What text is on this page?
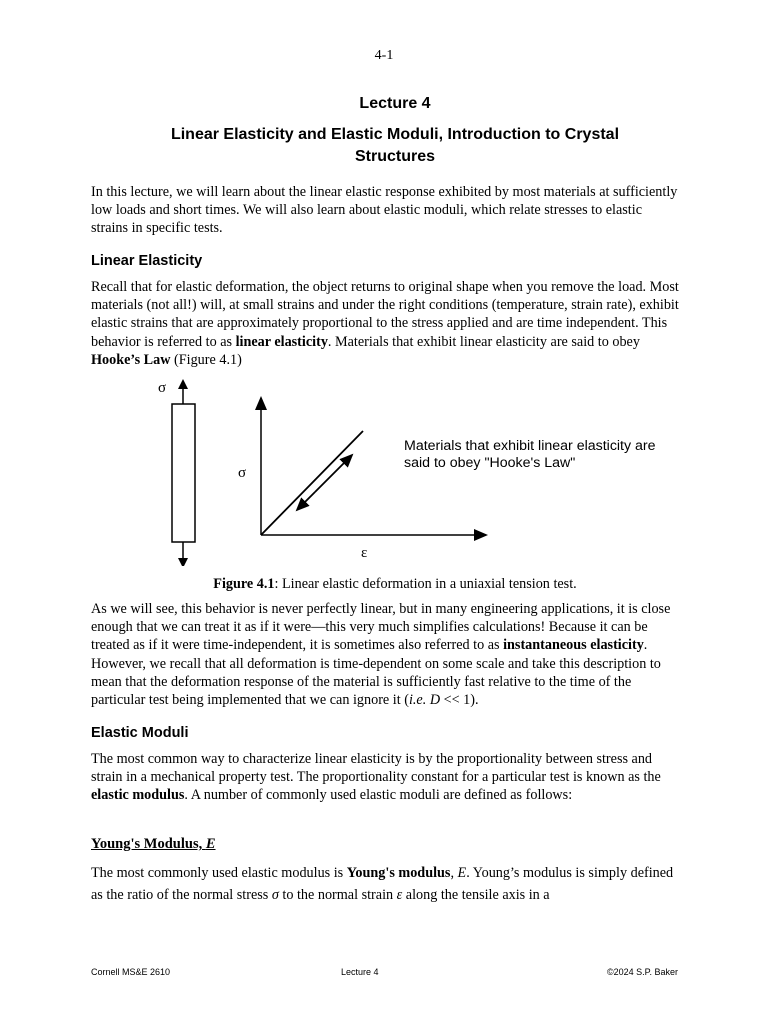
4-1
Lecture 4
Linear Elasticity and Elastic Moduli, Introduction to Crystal Structures

In this lecture, we will learn about the linear elastic response exhibited by most materials at sufficiently low loads and short times. We will also learn about elastic moduli, which relate stresses to elastic strains in specific tests.

Linear Elasticity

Recall that for elastic deformation, the object returns to original shape when you remove the load. Most materials (not all!) will, at small strains and under the right conditions (temperature, strain rate), exhibit elastic strains that are approximately proportional to the stress applied and are time independent. This behavior is referred to as linear elasticity. Materials that exhibit linear elasticity are said to obey Hooke’s Law (Figure 4.1)

σ
σ
ε
Materials that exhibit linear elasticity are said to obey "Hooke's Law"
Figure 4.1: Linear elastic deformation in a uniaxial tension test.

As we will see, this behavior is never perfectly linear, but in many engineering applications, it is close enough that we can treat it as if it were—this very much simplifies calculations! Because it can be treated as if it were time-independent, it is sometimes also referred to as instantaneous elasticity. However, we recall that all deformation is time-dependent on some scale and take this description to mean that the deformation response of the material is sufficiently fast relative to the time of the particular test being implemented that we can ignore it (i.e. D << 1).

Elastic Moduli

The most common way to characterize linear elasticity is by the proportionality between stress and strain in a mechanical property test. The proportionality constant for a particular test is known as the elastic modulus. A number of commonly used elastic moduli are defined as follows:

Young's Modulus, E

The most commonly used elastic modulus is Young's modulus, E. Young’s modulus is simply defined as the ratio of the normal stress σ to the normal strain ε along the tensile axis in a

Cornell MS&E 2610	Lecture 4	©2024 S.P. Baker
